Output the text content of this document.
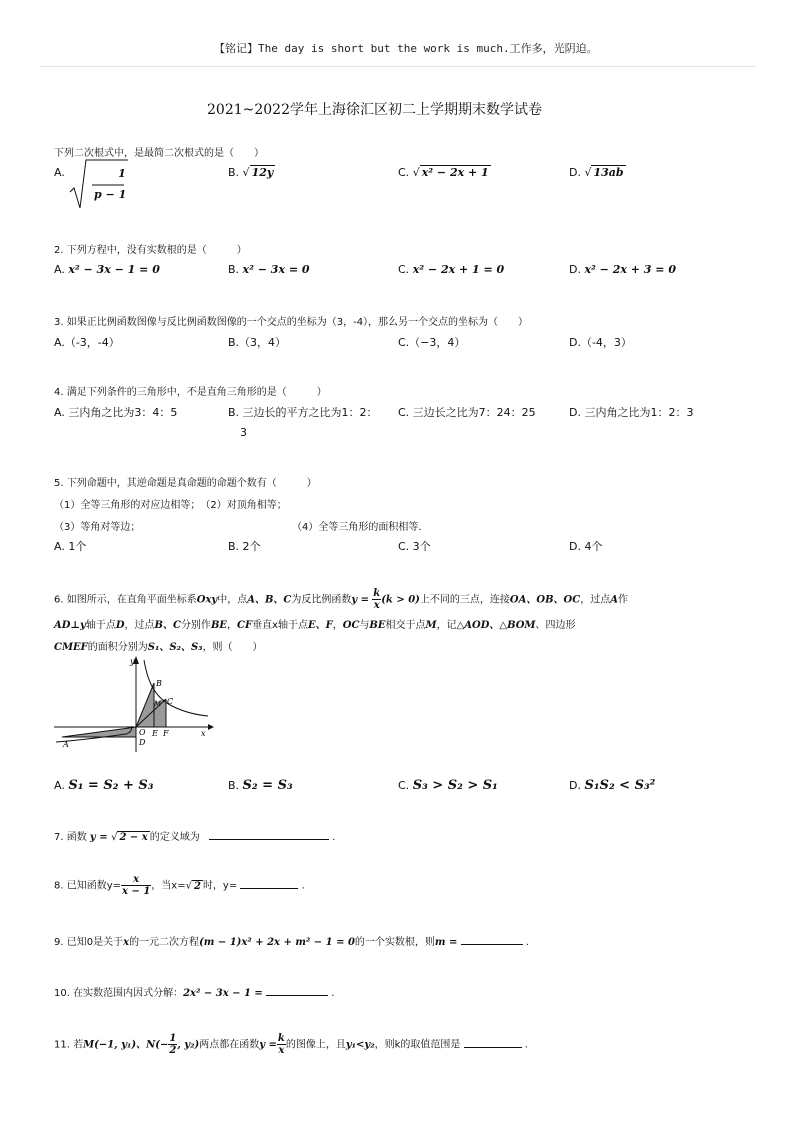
【铭记】The day is short but the work is much.工作多，光阴迫。
2021~2022学年上海徐汇区初二上学期期末数学试卷
下列二次根式中，是最简二次根式的是（　　）
A.	1
p − 1
B. √ 12y	C. √ x² − 2x + 1	D. √ 13ab
2. 下列方程中，没有实数根的是（　　　）
A. x² − 3x − 1 = 0	B. x² − 3x = 0	C. x² − 2x + 1 = 0	D. x² − 2x + 3 = 0
3. 如果正比例函数图像与反比例函数图像的一个交点的坐标为（3，-4），那么另一个交点的坐标为（　　）
A.（-3，-4）	B.（3，4）	C.（−3，4）	D.（-4，3）
4. 满足下列条件的三角形中，不是直角三角形的是（　　　）
A. 三内角之比为3：4：5	B. 三边长的平方之比为1：2：
3
C. 三边长之比为7：24：25	D. 三内角之比为1：2：3
5. 下列命题中，其逆命题是真命题的命题个数有（　　　）
（1）全等三角形的对应边相等；　（2）对顶角相等；
（3）等角对等边；	（4）全等三角形的面积相等．
A. 1个	B. 2个	C. 3个	D. 4个
6. 如图所示，在直角平面坐标系Oxy中，点A、B、C为反比例函数$y = \frac{k}{x} (k > 0)$上不同的三点，连接OA、OB、OC，过点A作
AD⊥y轴于点D，过点B、C分别作BE，CF垂直x轴于点E、F，OC与BE相交于点M，记△AOD、△BOM、四边形
CMEF的面积分别为S₁、S₂、S₃，则（　　）
y
B
M C
O
D
E F	x
A
A. S₁ = S₂ + S₃	B. S₂ = S₃	C. S₃ > S₂ > S₁	D. S₁S₂ < S₃²
7. 函数 y = √ 2 − x 的定义域为	.
8. 已知函数$y= \frac{x}{x - 1}$ ，当x=√ 2 时，y=	.
9. 已知0是关于x的一元二次方程(m − 1)x² + 2x + m² − 1 = 0的一个实数根，则m =	.
10. 在实数范围内因式分解：2x² − 3x − 1 =	.
11. 若M(−1, y₁)、$N(- \frac{1}{2}$ , y₂)两点都在函数$y = \frac{k}{x}$ 的图像上，且y₁<y₂，则k的取值范围是	.
